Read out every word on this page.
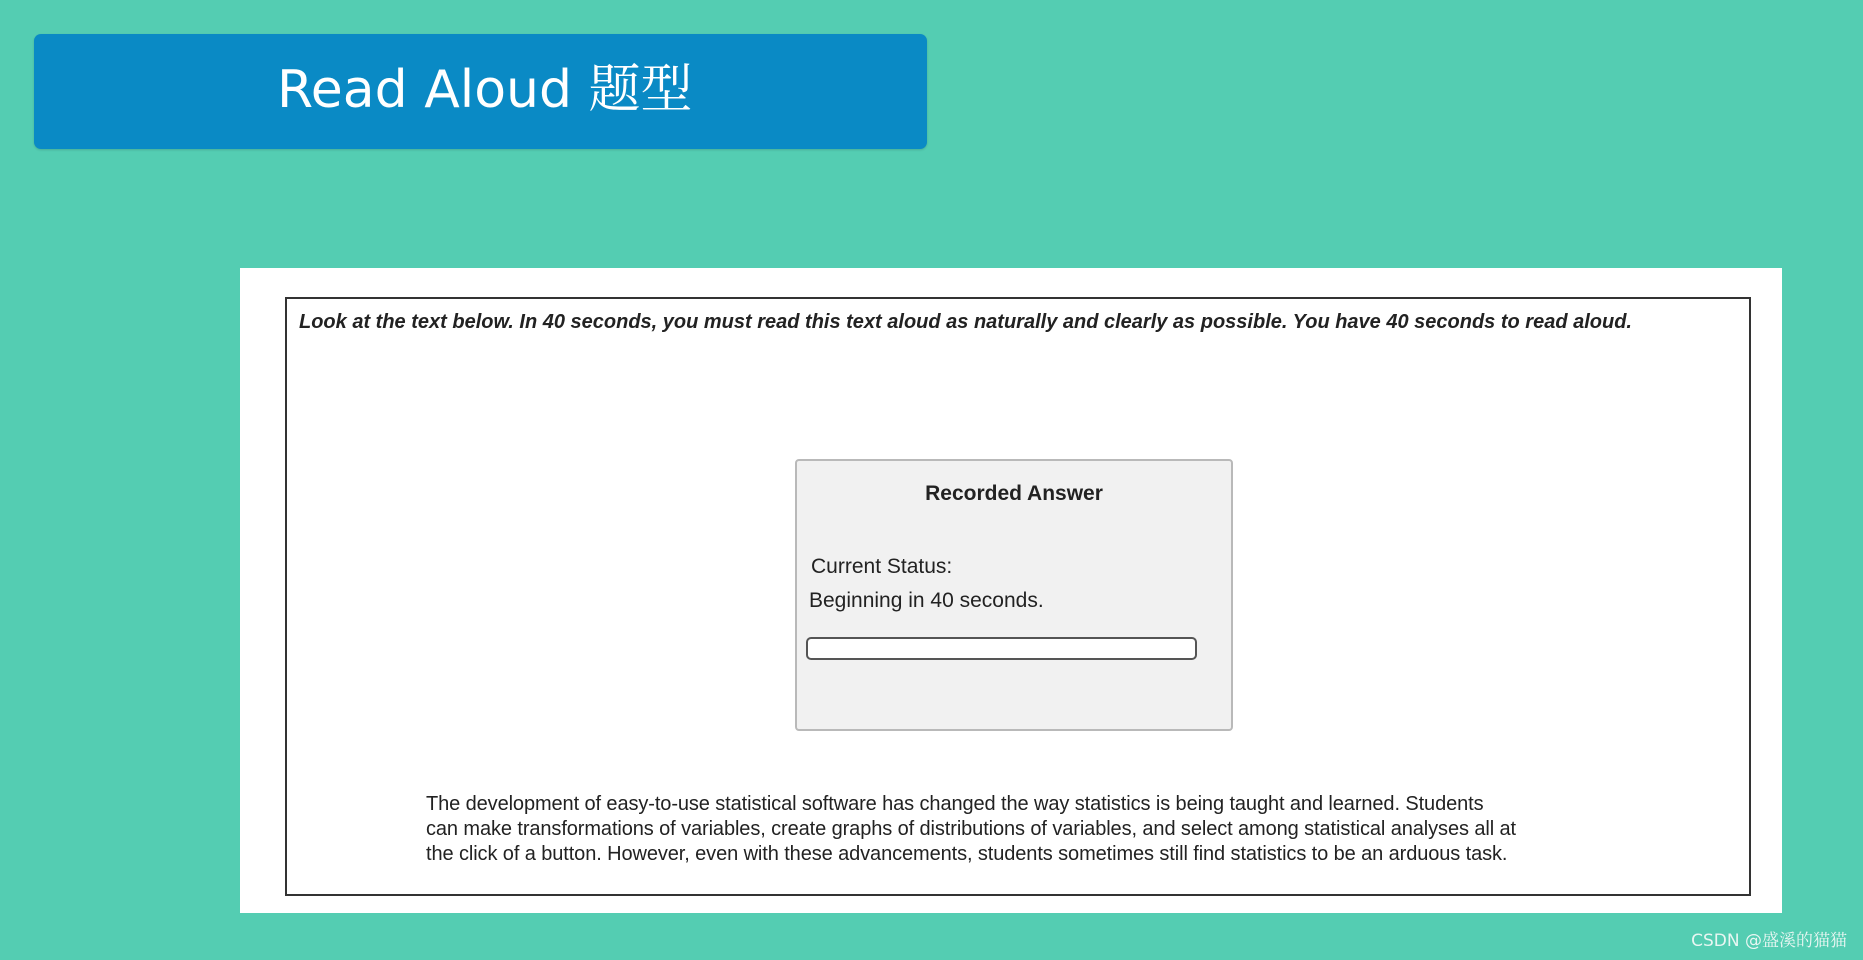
Read Aloud 题型
Look at the text below. In 40 seconds, you must read this text aloud as naturally and clearly as possible. You have 40 seconds to read aloud.
Recorded Answer
Current Status:
Beginning in 40 seconds.

The development of easy-to-use statistical software has changed the way statistics is being taught and learned. Students
can make transformations of variables, create graphs of distributions of variables, and select among statistical analyses all at
the click of a button. However, even with these advancements, students sometimes still find statistics to be an arduous task.

CSDN @盛溪的猫猫
